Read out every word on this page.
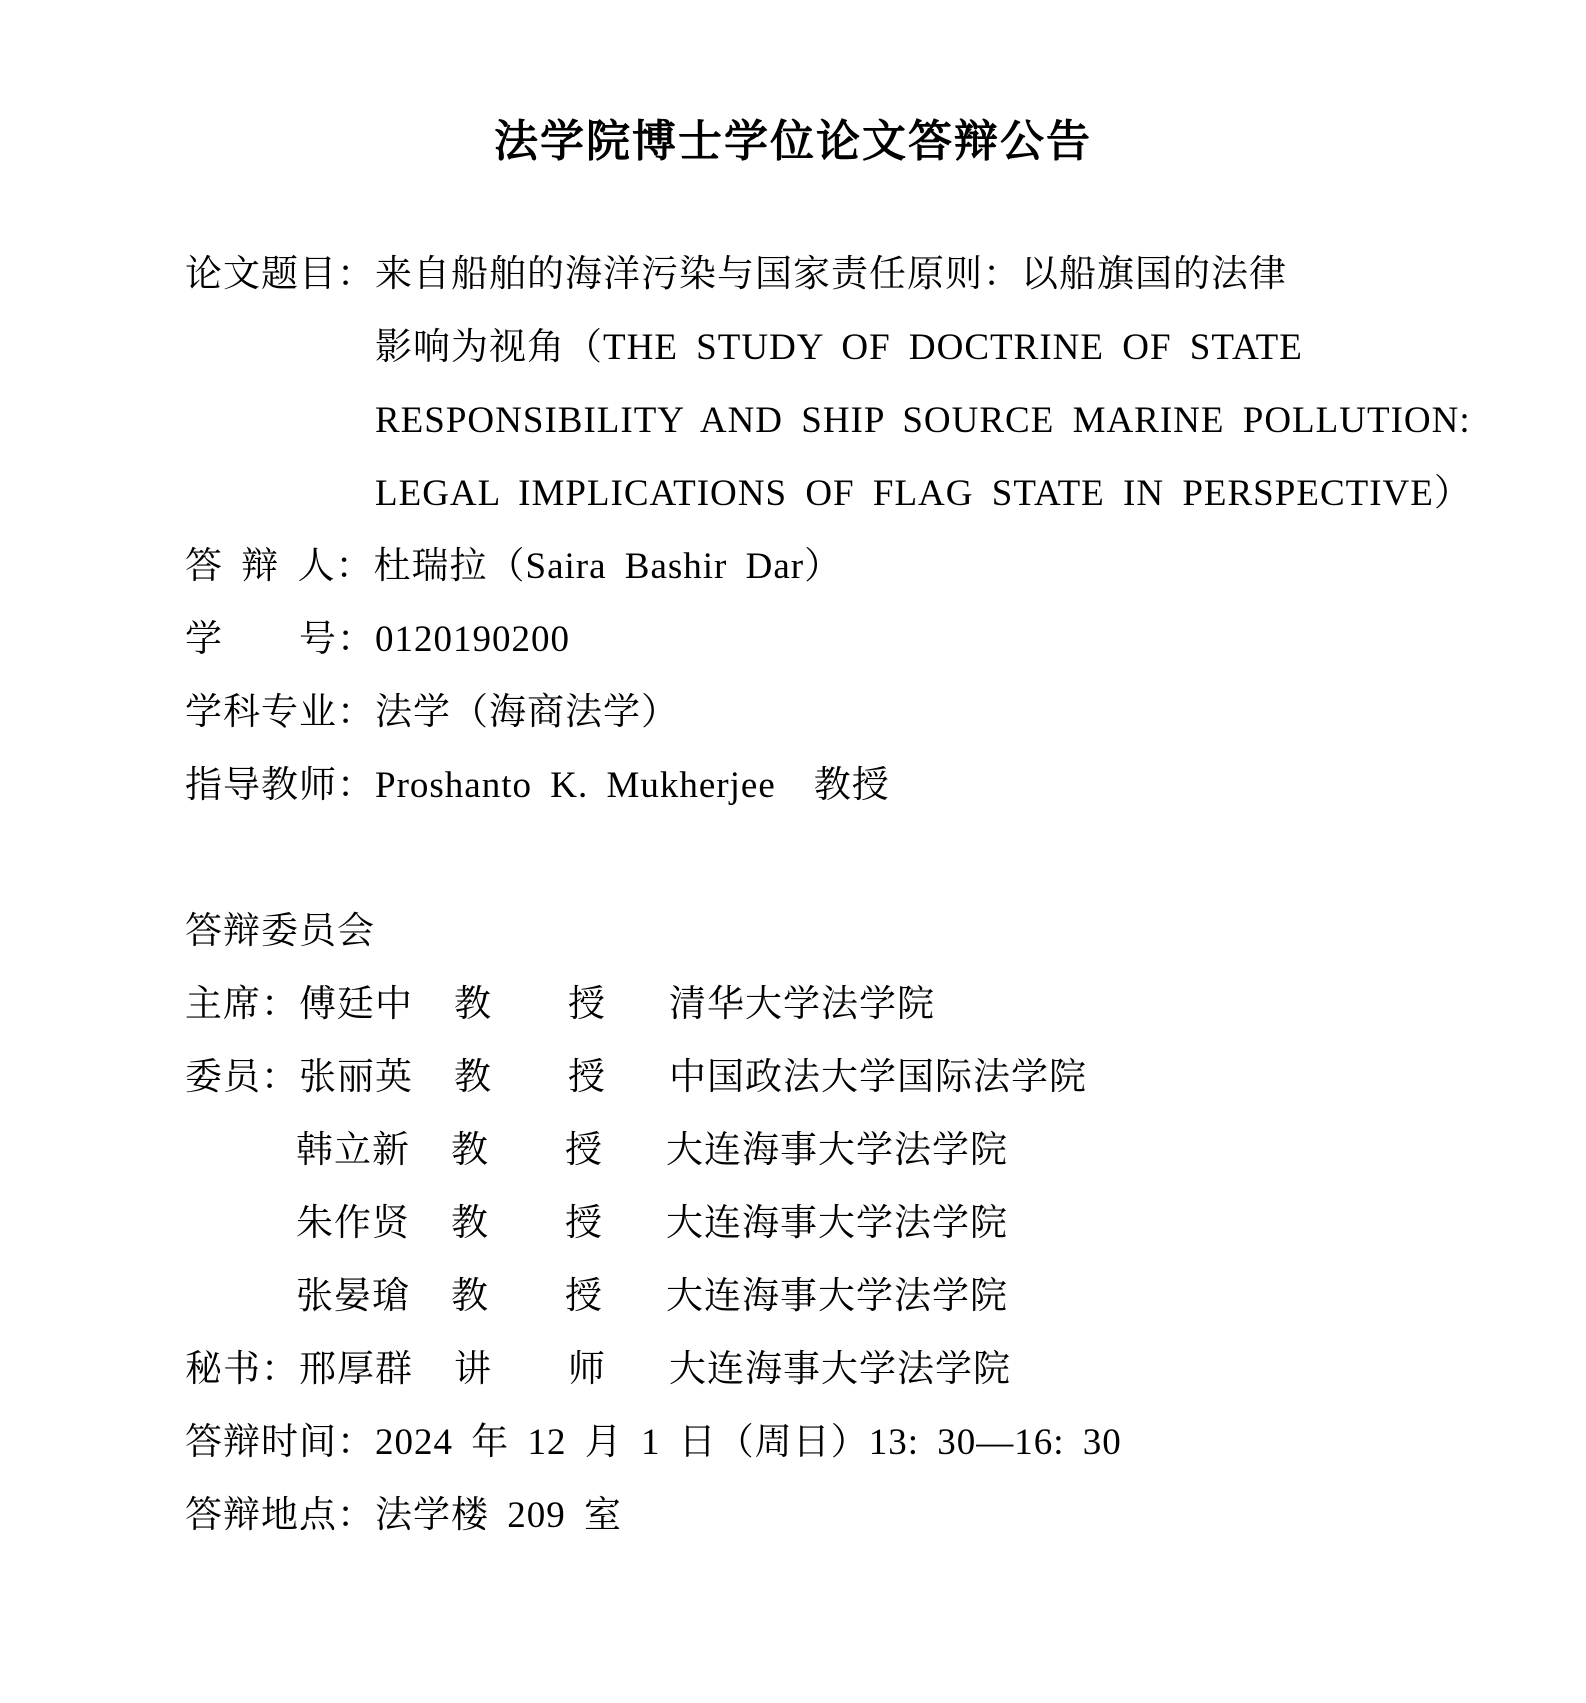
法学院博士学位论文答辩公告
论文题目： 来自船舶的海洋污染与国家责任原则：以船旗国的法律
影响为视角（THE STUDY OF DOCTRINE OF STATE
RESPONSIBILITY AND SHIP SOURCE MARINE POLLUTION:
LEGAL IMPLICATIONS OF FLAG STATE IN PERSPECTIVE）
答 辩 人： 杜瑞拉（Saira Bashir Dar）
学　　号： 0120190200
学科专业： 法学（海商法学）
指导教师： Proshanto K. Mukherjee　教授
答辩委员会
主席： 傅廷中	教　　授	清华大学法学院
委员： 张丽英	教　　授	中国政法大学国际法学院
韩立新	教　　授	大连海事大学法学院
朱作贤	教　　授	大连海事大学法学院
张晏瑲	教　　授	大连海事大学法学院
秘书： 邢厚群	讲　　师	大连海事大学法学院
答辩时间： 2024 年 12 月 1 日（周日）13: 30—16: 30
答辩地点： 法学楼 209 室
